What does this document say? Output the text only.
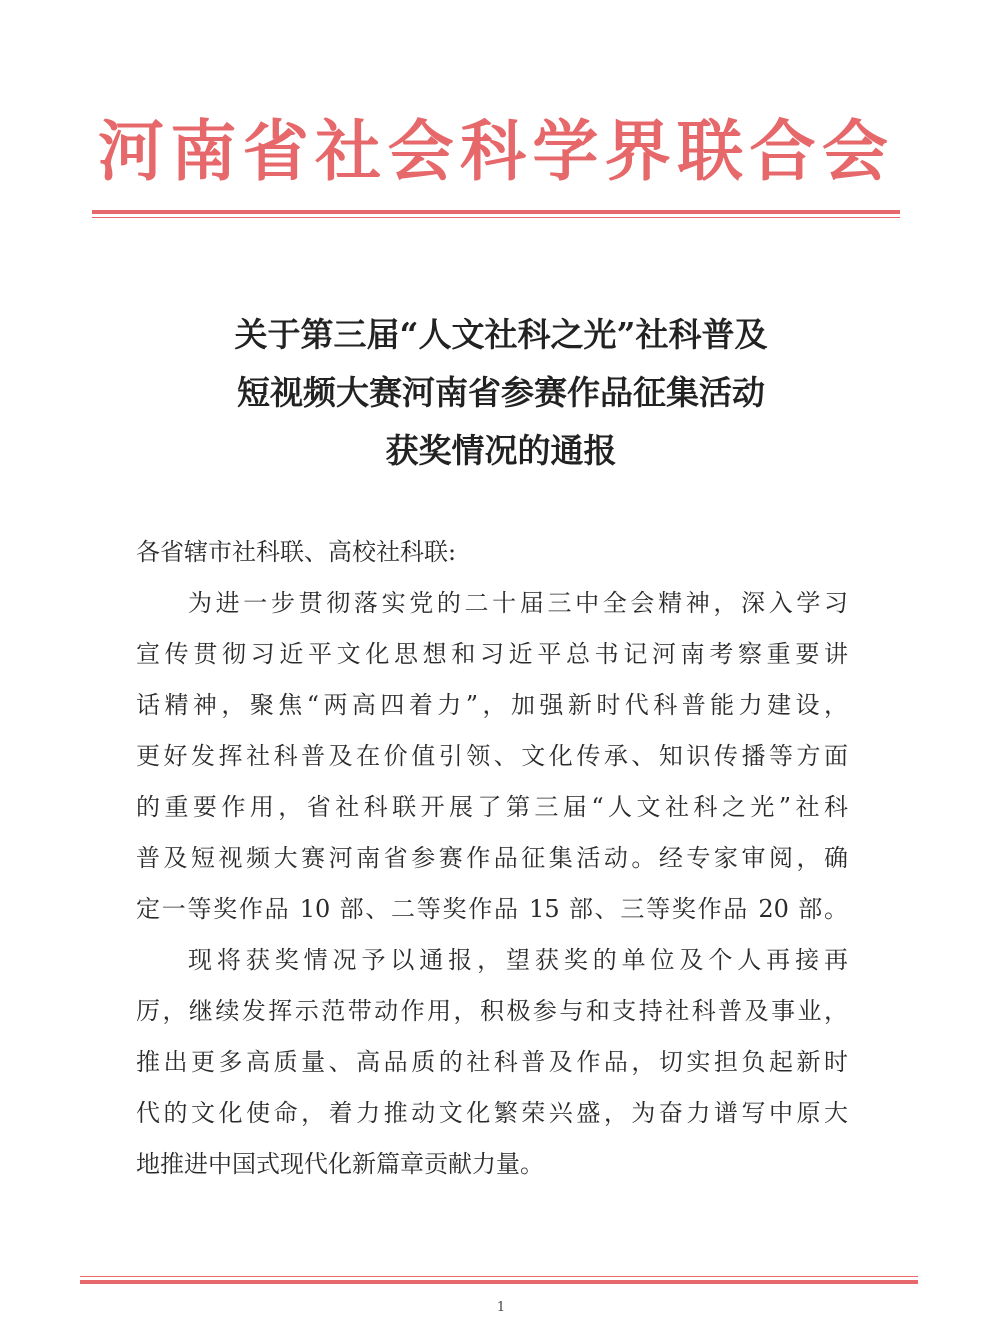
河 南 省 社 会 科 学 界 联 合 会
关于第三届“人文社科之光”社科普及
短视频大赛河南省参赛作品征集活动
获奖情况的通报
各省辖市社科联、高校社科联:
为进一步贯彻落实党的二十届三中全会精神，深入学习
宣传贯彻习近平文化思想和习近平总书记河南考察重要讲
话精神，聚焦“两高四着力”，加强新时代科普能力建设，
更好发挥社科普及在价值引领、文化传承、知识传播等方面
的重要作用，省社科联开展了第三届“人文社科之光”社科
普及短视频大赛河南省参赛作品征集活动。经专家审阅，确
定一等奖作品 10 部、二等奖作品 15 部、三等奖作品 20 部。
现将获奖情况予以通报，望获奖的单位及个人再接再
厉，继续发挥示范带动作用，积极参与和支持社科普及事业，
推出更多高质量、高品质的社科普及作品，切实担负起新时
代的文化使命，着力推动文化繁荣兴盛，为奋力谱写中原大
地推进中国式现代化新篇章贡献力量。
1
